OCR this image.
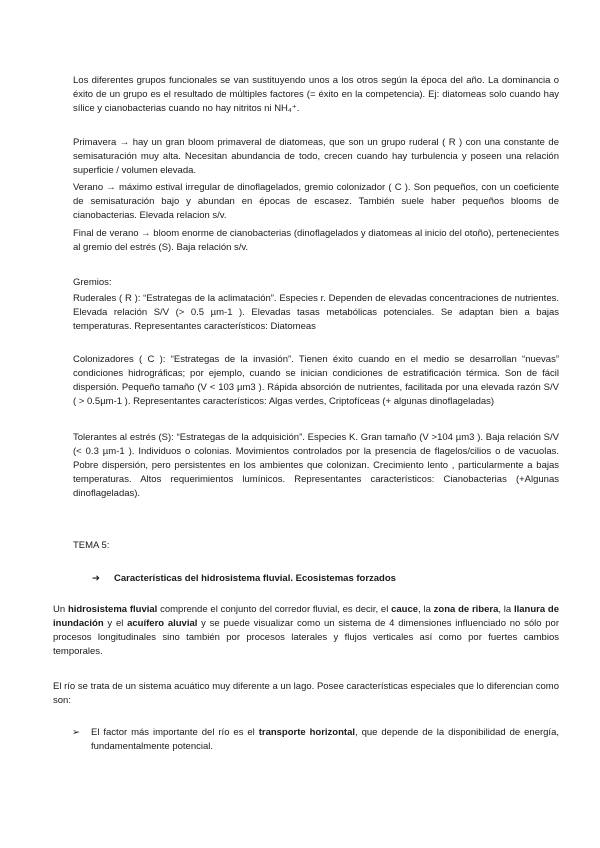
Los diferentes grupos funcionales se van sustituyendo unos a los otros según la época del año. La dominancia o éxito de un grupo es el resultado de múltiples factores (= éxito en la competencia). Ej: diatomeas solo cuando hay sílice y cianobacterias cuando no hay nitritos ni NH₄⁺.

Primavera → hay un gran bloom primaveral de diatomeas, que son un grupo ruderal ( R ) con una constante de semisaturación muy alta. Necesitan abundancia de todo, crecen cuando hay turbulencia y poseen una relación superficie / volumen elevada.

Verano → máximo estival irregular de dinoflagelados, gremio colonizador ( C ). Son pequeños, con un coeficiente de semisaturación bajo y abundan en épocas de escasez. También suele haber pequeños blooms de cianobacterias. Elevada relacion s/v.

Final de verano → bloom enorme de cianobacterias (dinoflagelados y diatomeas al inicio del otoño), pertenecientes al gremio del estrés (S). Baja relación s/v.

Gremios:

Ruderales ( R ): “Estrategas de la aclimatación”. Especies r. Dependen de elevadas concentraciones de nutrientes. Elevada relación S/V (> 0.5 µm-1 ). Elevadas tasas metabólicas potenciales. Se adaptan bien a bajas temperaturas. Representantes característicos: Diatomeas

Colonizadores ( C ): “Estrategas de la invasión”. Tienen éxito cuando en el medio se desarrollan “nuevas” condiciones hidrográficas; por ejemplo, cuando se inician condiciones de estratificación térmica. Son de fácil dispersión. Pequeño tamaño (V < 103 µm3 ). Rápida absorción de nutrientes, facilitada por una elevada razón S/V ( > 0.5µm-1 ). Representantes característicos: Algas verdes, Criptofíceas (+ algunas dinoflageladas)

Tolerantes al estrés (S): “Estrategas de la adquisición”. Especies K. Gran tamaño (V >104 µm3 ). Baja relación S/V (< 0.3 µm-1 ). Individuos o colonias. Movimientos controlados por la presencia de flagelos/cilios o de vacuolas. Pobre dispersión, pero persistentes en los ambientes que colonizan. Crecimiento lento , particularmente a bajas temperaturas. Altos requerimientos lumínicos. Representantes característicos: Cianobacterias (+Algunas dinoflageladas).

TEMA 5:

➔ Características del hidrosistema fluvial. Ecosistemas forzados

Un hidrosistema fluvial comprende el conjunto del corredor fluvial, es decir, el cauce, la zona de ribera, la llanura de inundación y el acuífero aluvial y se puede visualizar como un sistema de 4 dimensiones influenciado no sólo por procesos longitudinales sino también por procesos laterales y flujos verticales así como por fuertes cambios temporales.

El río se trata de un sistema acuático muy diferente a un lago. Posee características especiales que lo diferencian como son:

➢ El factor más importante del río es el transporte horizontal, que depende de la disponibilidad de energía, fundamentalmente potencial.
